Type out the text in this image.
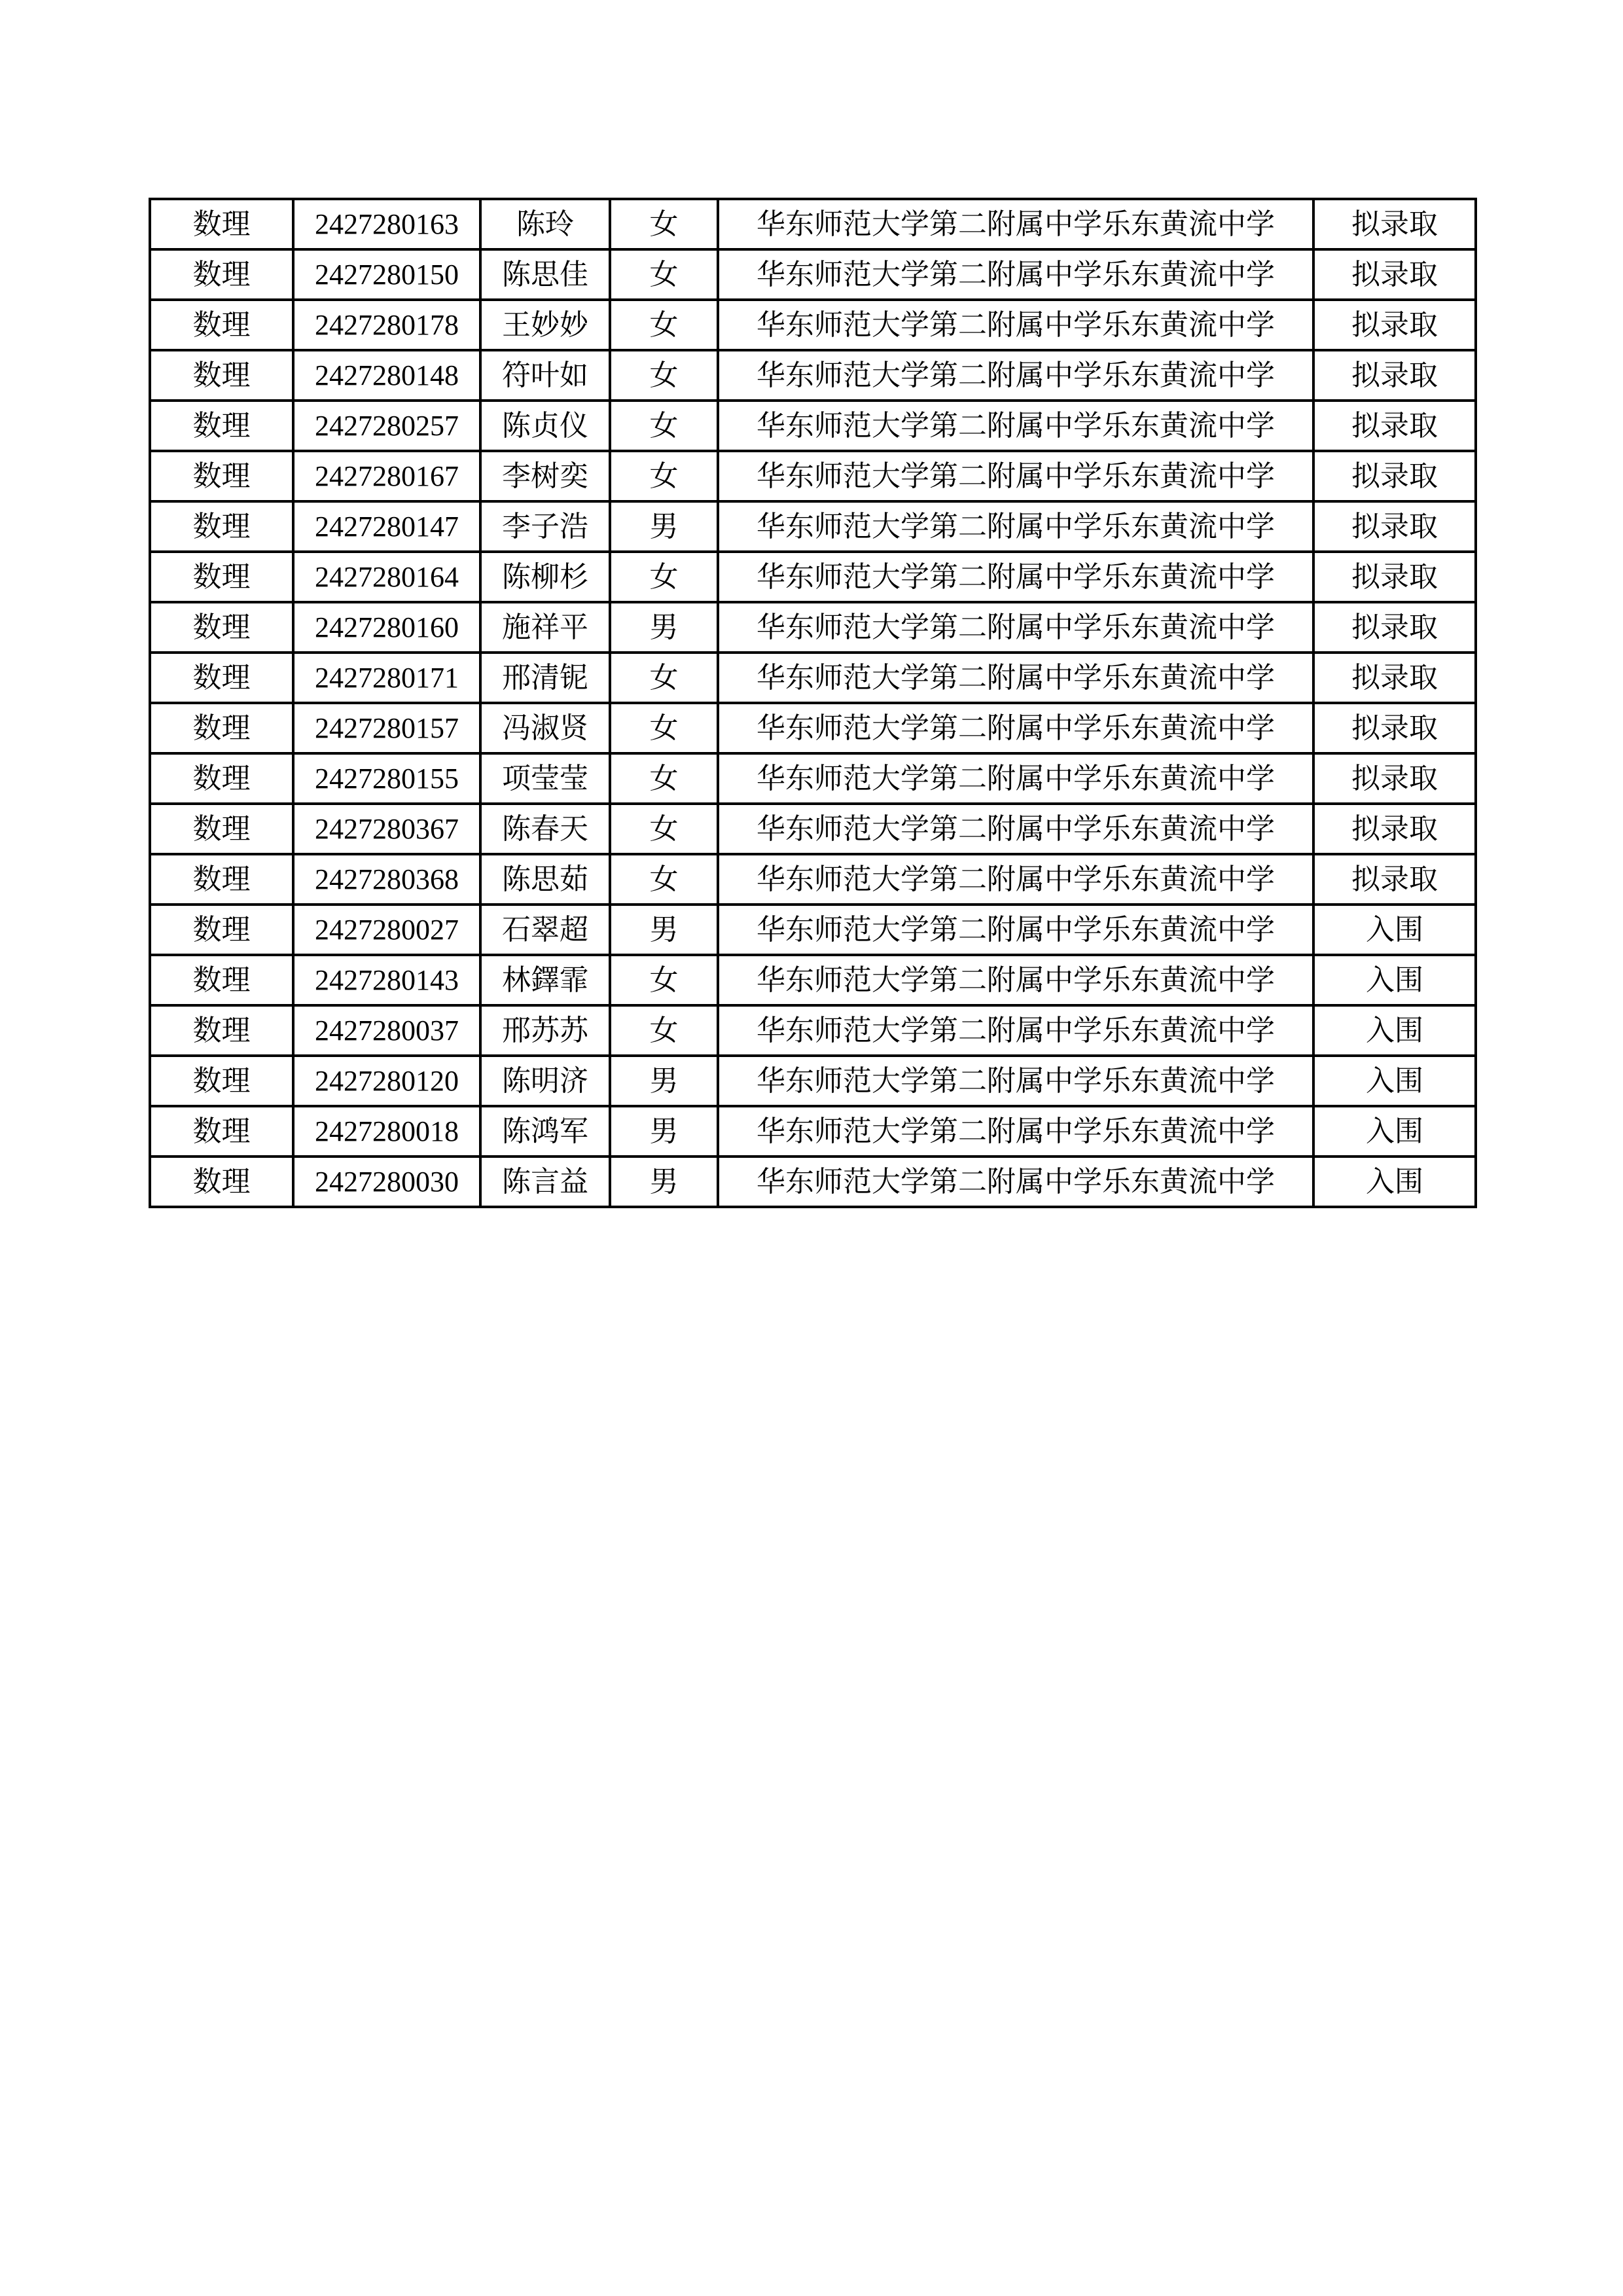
数理	2427280163	陈玲	女	华东师范大学第二附属中学乐东黄流中学	拟录取
数理	2427280150	陈思佳	女	华东师范大学第二附属中学乐东黄流中学	拟录取
数理	2427280178	王妙妙	女	华东师范大学第二附属中学乐东黄流中学	拟录取
数理	2427280148	符叶如	女	华东师范大学第二附属中学乐东黄流中学	拟录取
数理	2427280257	陈贞仪	女	华东师范大学第二附属中学乐东黄流中学	拟录取
数理	2427280167	李树奕	女	华东师范大学第二附属中学乐东黄流中学	拟录取
数理	2427280147	李子浩	男	华东师范大学第二附属中学乐东黄流中学	拟录取
数理	2427280164	陈柳杉	女	华东师范大学第二附属中学乐东黄流中学	拟录取
数理	2427280160	施祥平	男	华东师范大学第二附属中学乐东黄流中学	拟录取
数理	2427280171	邢清铌	女	华东师范大学第二附属中学乐东黄流中学	拟录取
数理	2427280157	冯淑贤	女	华东师范大学第二附属中学乐东黄流中学	拟录取
数理	2427280155	项莹莹	女	华东师范大学第二附属中学乐东黄流中学	拟录取
数理	2427280367	陈春天	女	华东师范大学第二附属中学乐东黄流中学	拟录取
数理	2427280368	陈思茹	女	华东师范大学第二附属中学乐东黄流中学	拟录取
数理	2427280027	石翠超	男	华东师范大学第二附属中学乐东黄流中学	入围
数理	2427280143	林鐸霏	女	华东师范大学第二附属中学乐东黄流中学	入围
数理	2427280037	邢苏苏	女	华东师范大学第二附属中学乐东黄流中学	入围
数理	2427280120	陈明济	男	华东师范大学第二附属中学乐东黄流中学	入围
数理	2427280018	陈鸿军	男	华东师范大学第二附属中学乐东黄流中学	入围
数理	2427280030	陈言益	男	华东师范大学第二附属中学乐东黄流中学	入围
